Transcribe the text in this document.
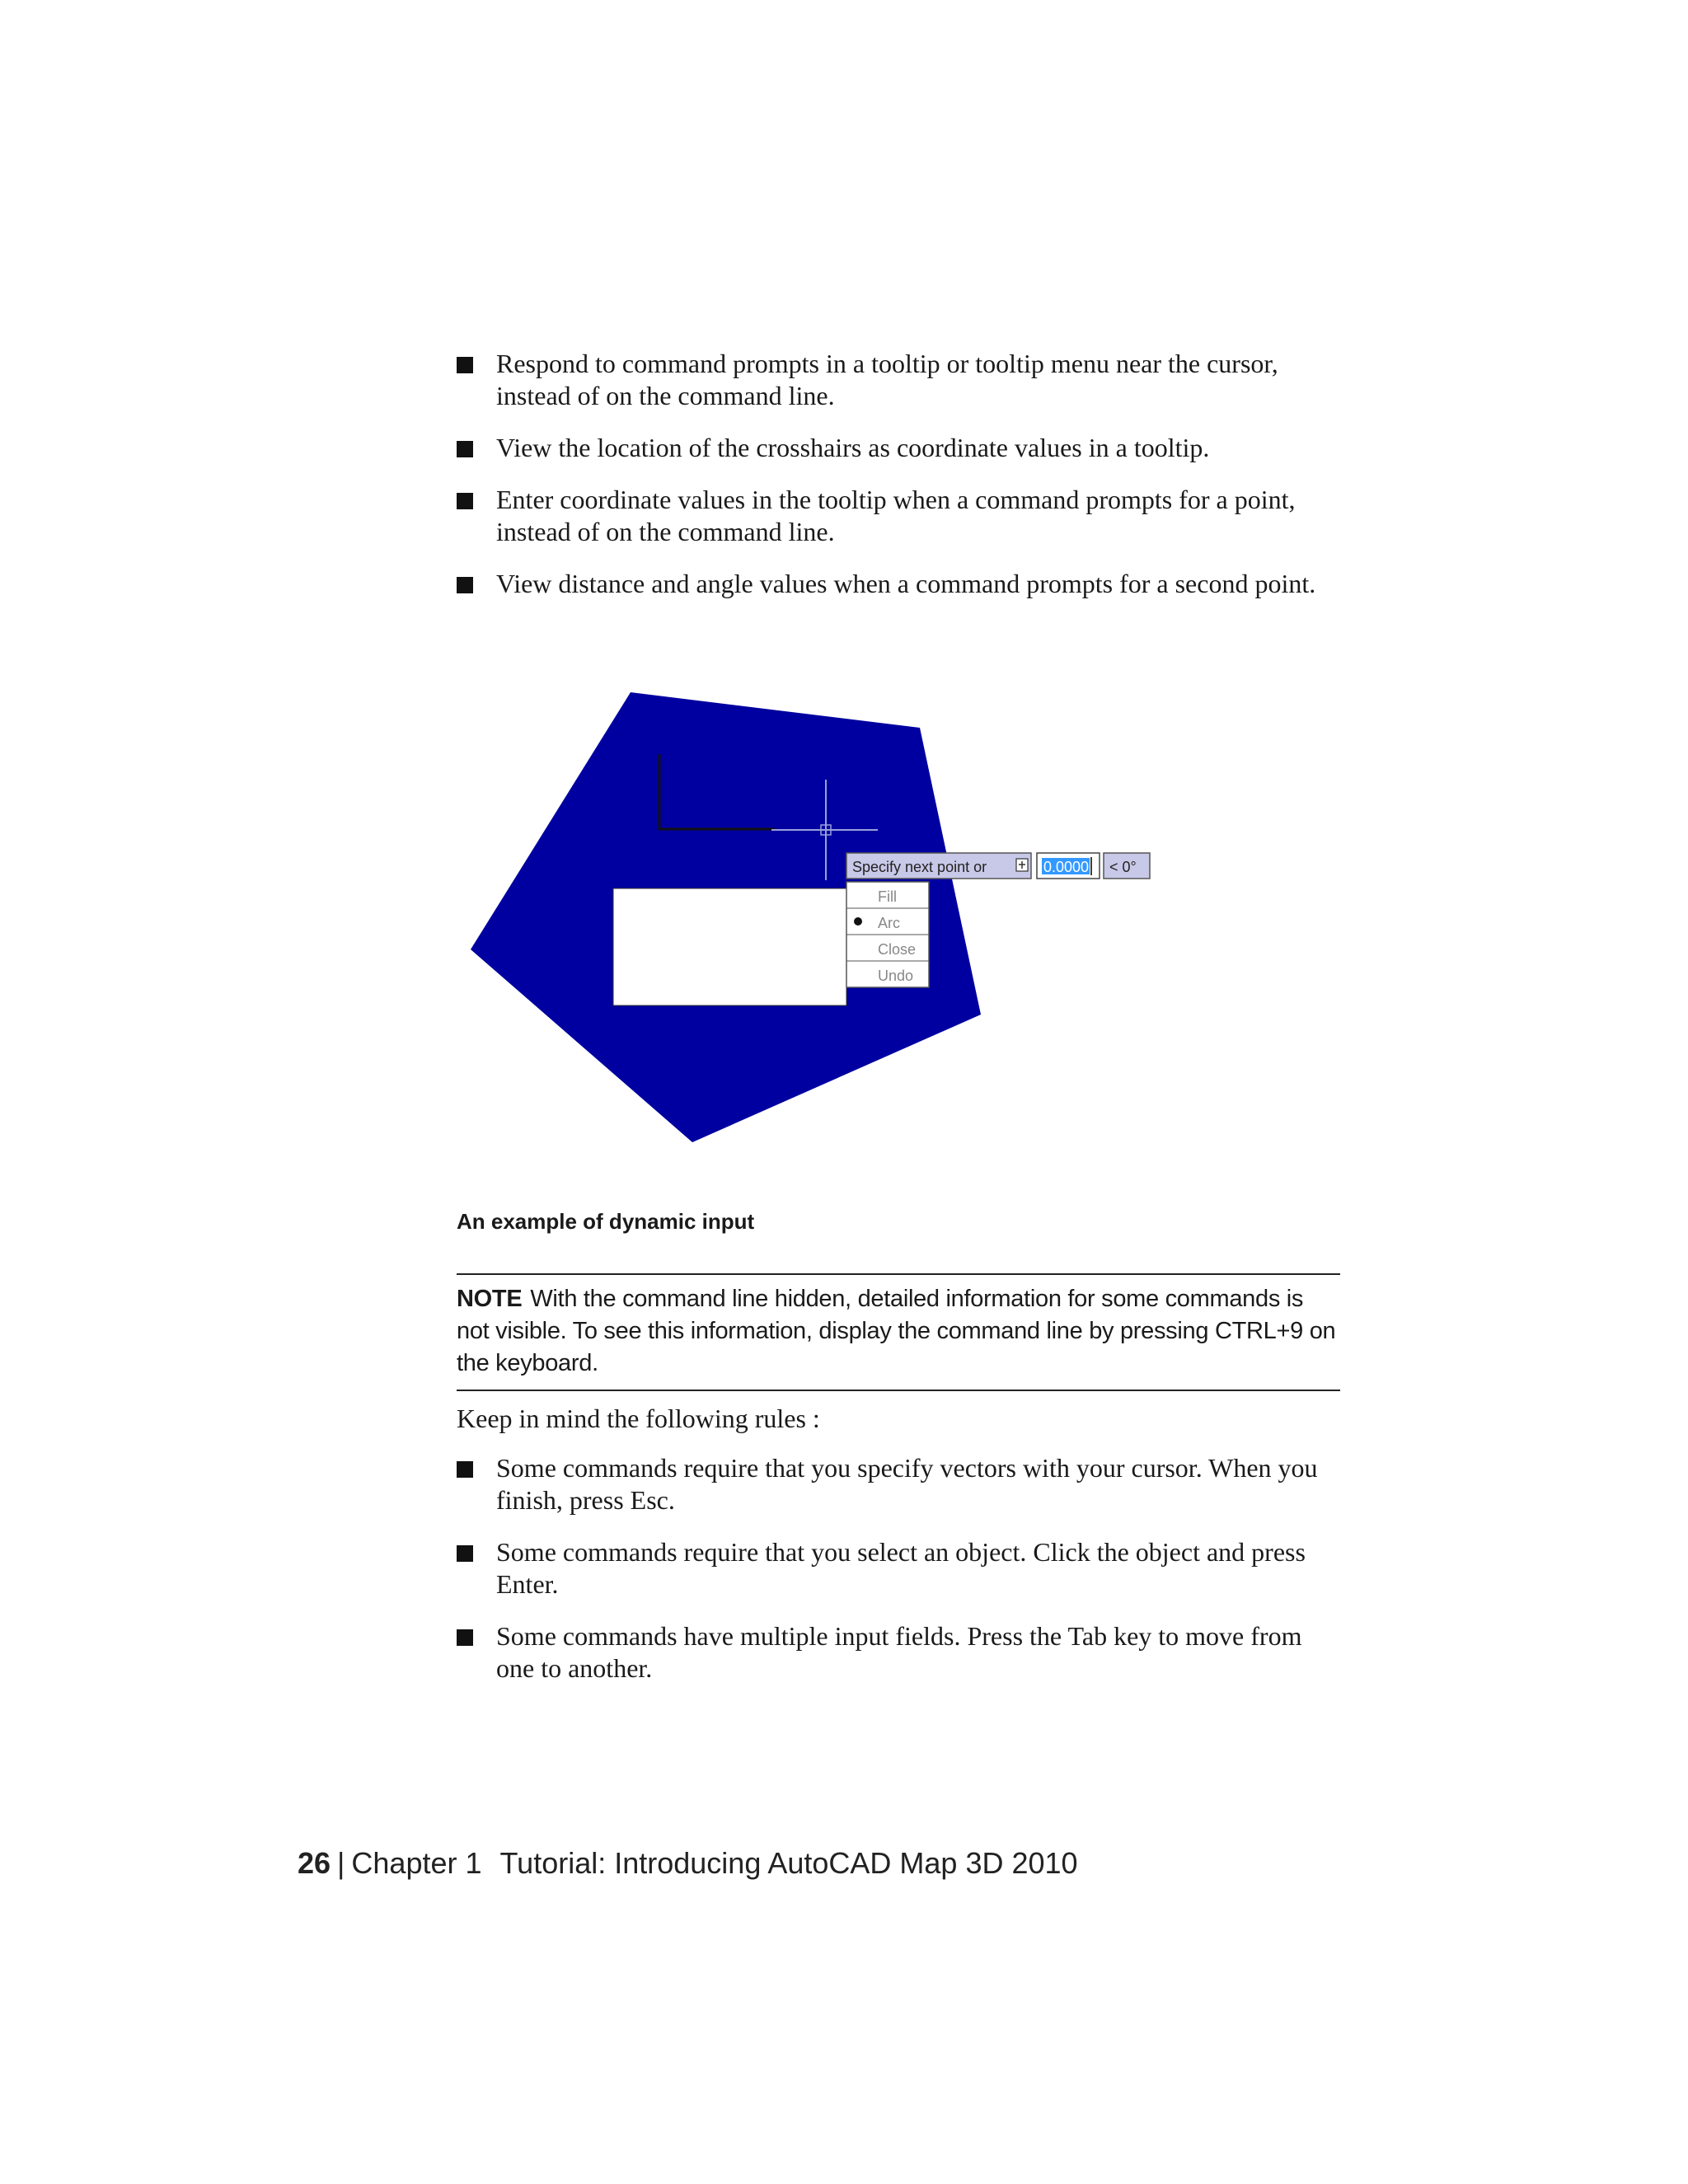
Respond to command prompts in a tooltip or tooltip menu near the cursor, instead of on the command line.
View the location of the crosshairs as coordinate values in a tooltip.
Enter coordinate values in the tooltip when a command prompts for a point, instead of on the command line.
View distance and angle values when a command prompts for a second point.
Specify next point or	0.0000 < 0°
Fill
Arc
Close
Undo
An example of dynamic input
NOTE With the command line hidden, detailed information for some commands is not visible. To see this information, display the command line by pressing CTRL+9 on the keyboard.
Keep in mind the following rules :
Some commands require that you specify vectors with your cursor. When you finish, press Esc.
Some commands require that you select an object. Click the object and press Enter.
Some commands have multiple input fields. Press the Tab key to move from one to another.
26 | Chapter 1 Tutorial: Introducing AutoCAD Map 3D 2010
